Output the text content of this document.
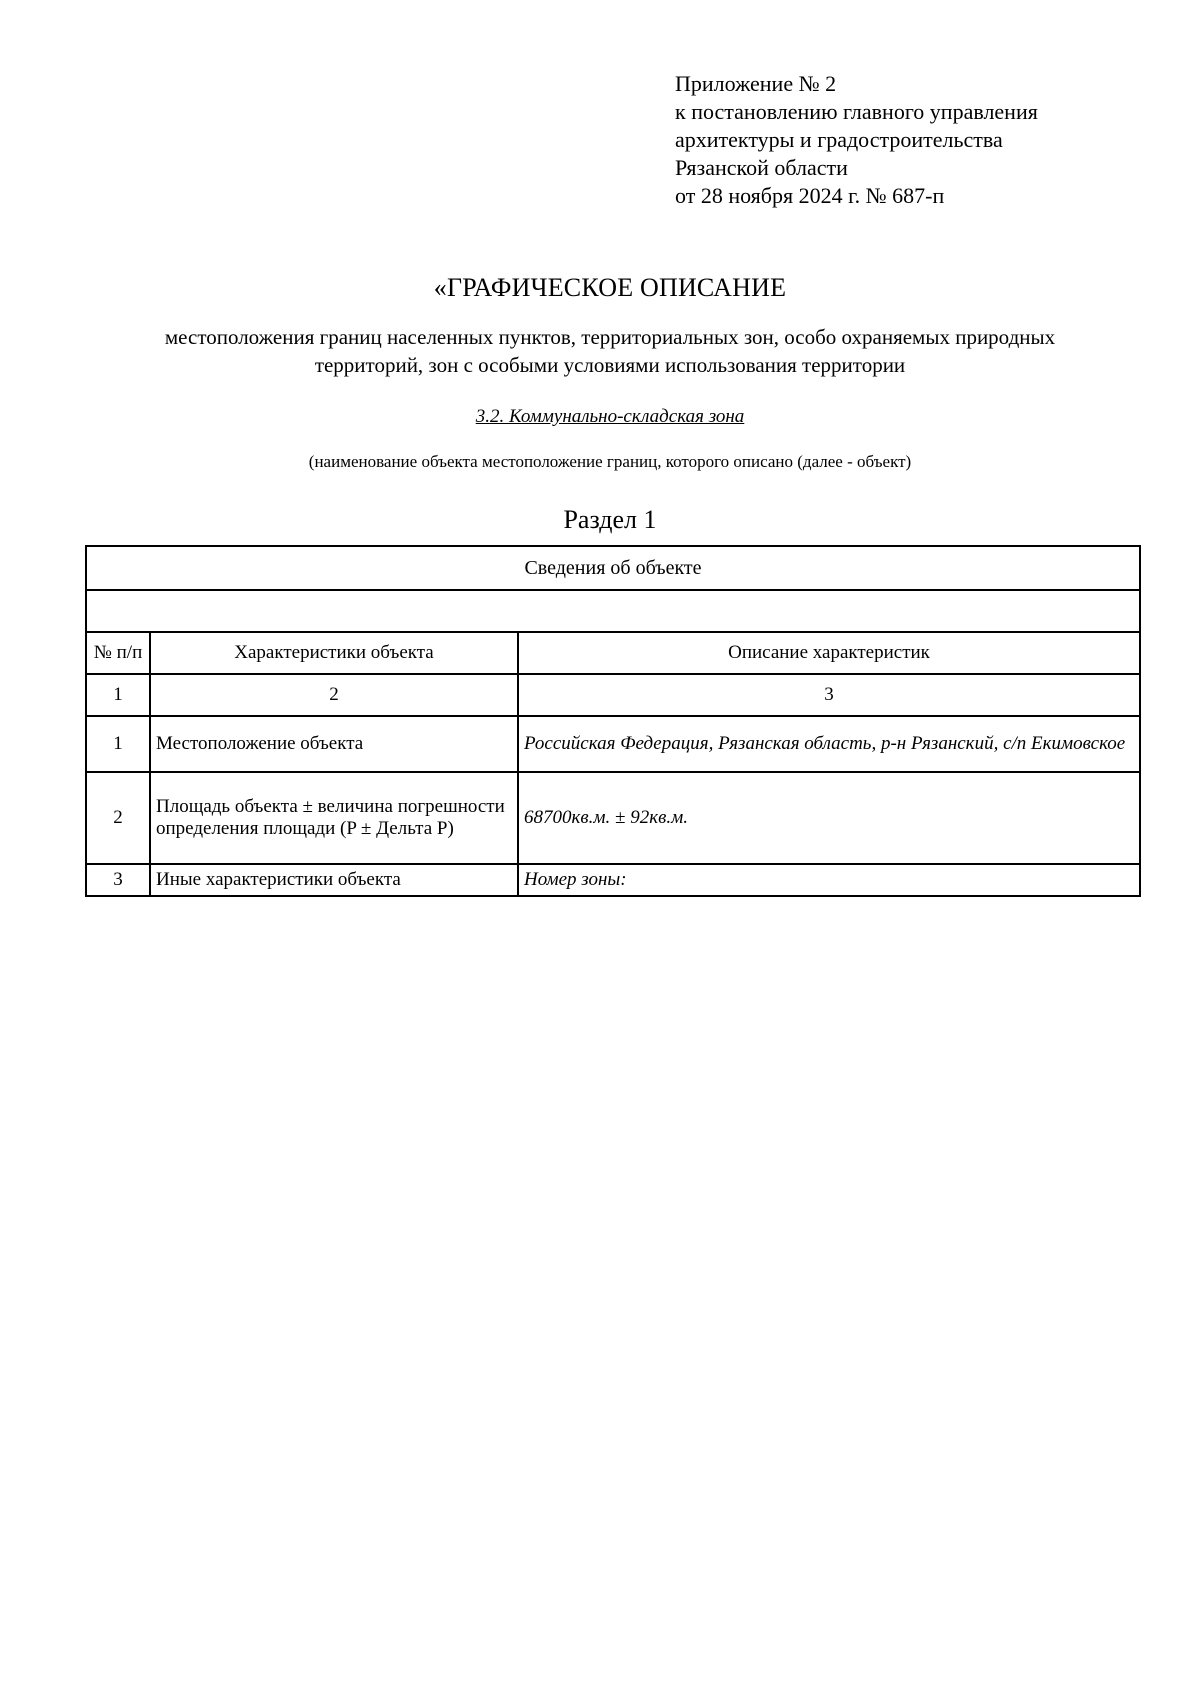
Приложение № 2
к постановлению главного управления
архитектуры и градостроительства
Рязанской области
от 28 ноября 2024 г. № 687-п
«ГРАФИЧЕСКОЕ ОПИСАНИЕ
местоположения границ населенных пунктов, территориальных зон, особо охраняемых природных
территорий, зон с особыми условиями использования территории
3.2. Коммунально-складская зона
(наименование объекта местоположение границ, которого описано (далее - объект)
Раздел 1
Сведения об объекте		

№ п/п	Характеристики объекта	Описание характеристик
1	2	3
1	Местоположение объекта	Российская Федерация, Рязанская область, р-н Рязанский, с/п Екимовское
2	Площадь объекта ± величина погрешности определения площади (P ± Дельта P)	68700кв.м. ± 92кв.м.
3	Иные характеристики объекта	Номер зоны:
